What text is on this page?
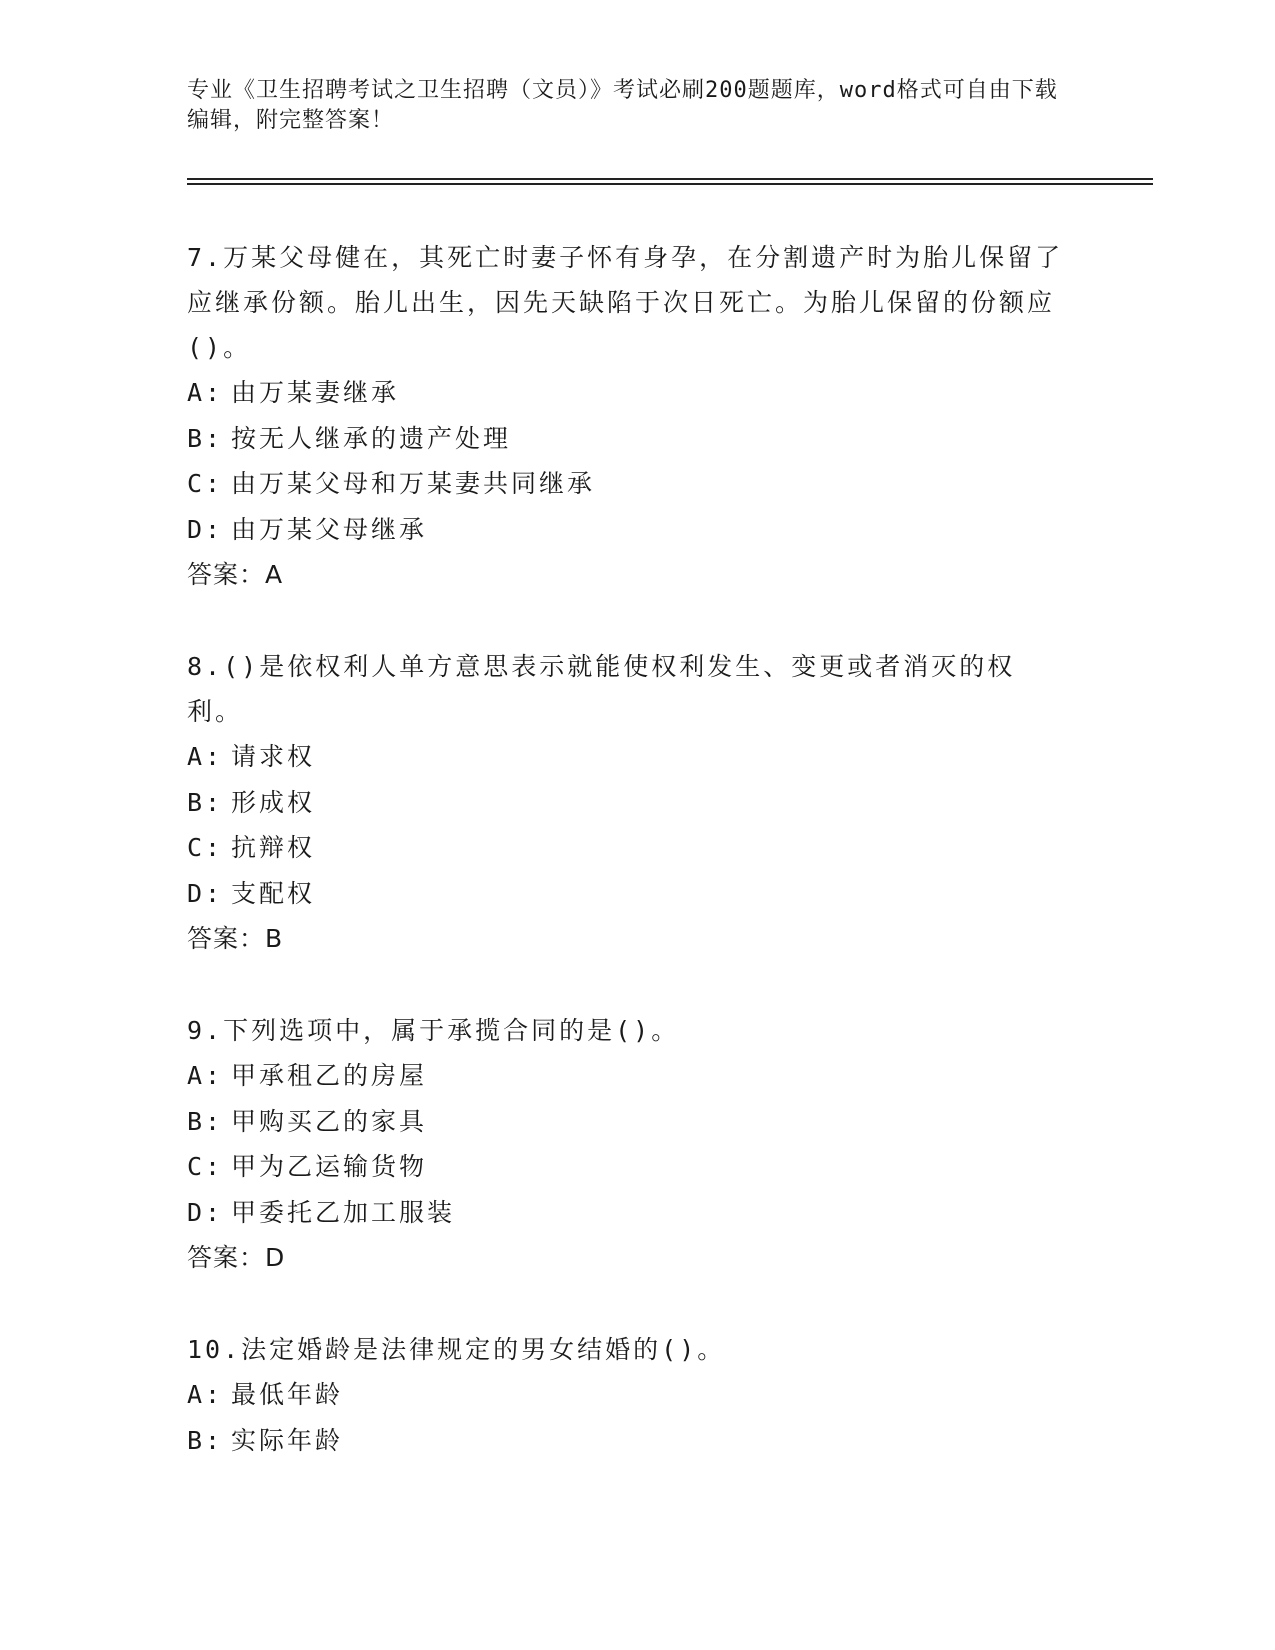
专业《卫生招聘考试之卫生招聘（文员）》考试必刷200题题库，word格式可自由下载编辑，附完整答案！
7.万某父母健在，其死亡时妻子怀有身孕，在分割遗产时为胎儿保留了应继承份额。胎儿出生，因先天缺陷于次日死亡。为胎儿保留的份额应()。
A: 由万某妻继承
B: 按无人继承的遗产处理
C: 由万某父母和万某妻共同继承
D: 由万某父母继承
答案：A
8.()是依权利人单方意思表示就能使权利发生、变更或者消灭的权利。
A: 请求权
B: 形成权
C: 抗辩权
D: 支配权
答案：B
9.下列选项中，属于承揽合同的是()。
A: 甲承租乙的房屋
B: 甲购买乙的家具
C: 甲为乙运输货物
D: 甲委托乙加工服装
答案：D
10.法定婚龄是法律规定的男女结婚的()。
A: 最低年龄
B: 实际年龄
